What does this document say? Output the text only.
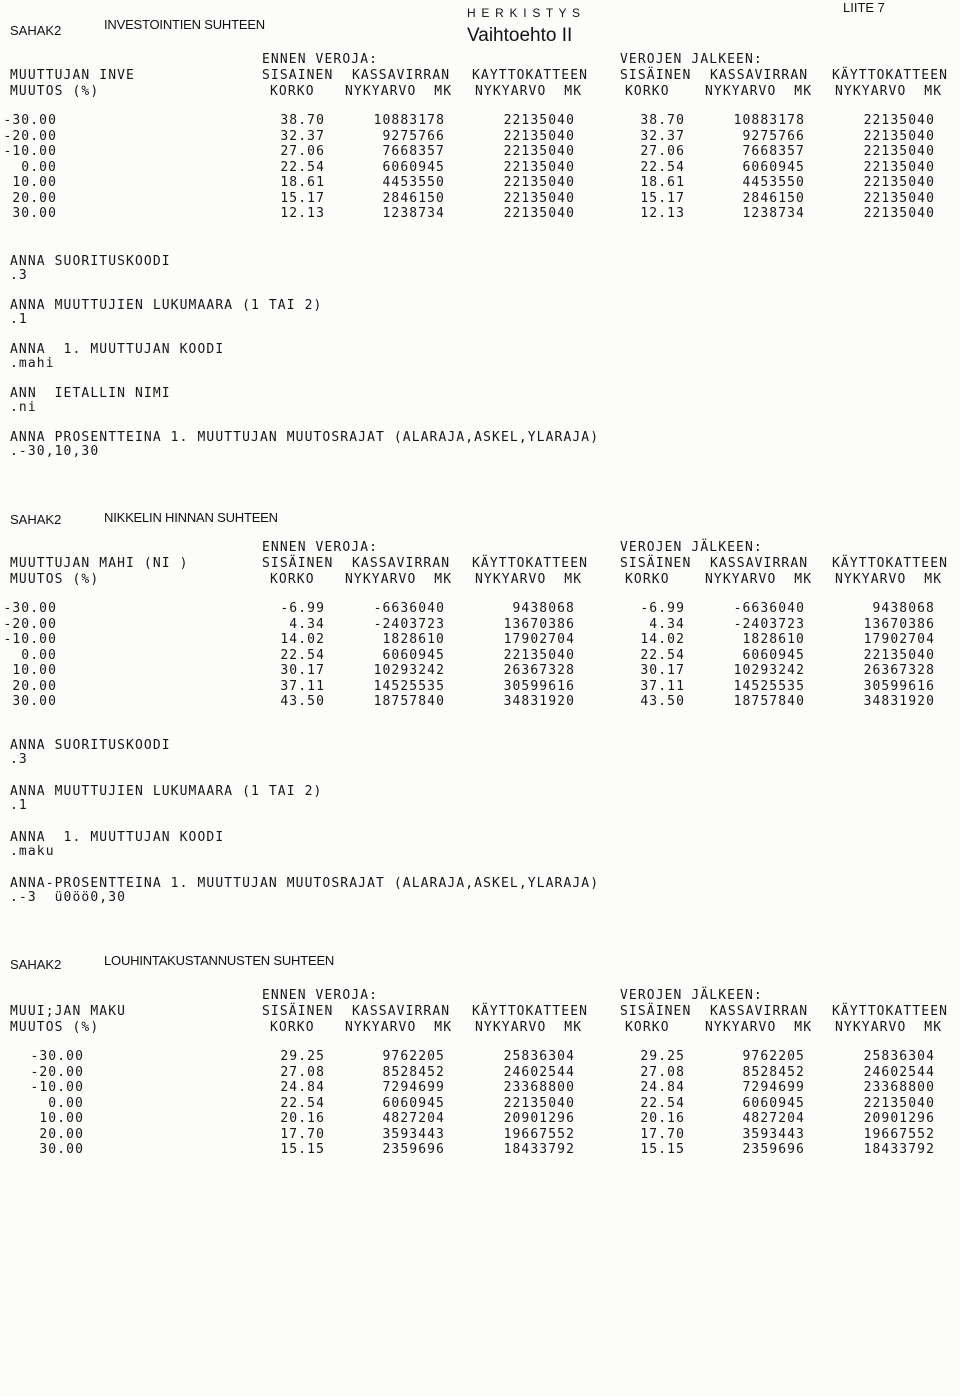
SAHAK2	INVESTOINTIEN SUHTEEN
H E R K I S T Y S
Vaihtoehto II
LIITE 7
ENNEN VEROJA:	VEROJEN JALKEEN:
MUUTTUJAN INVE
MUUTOS (%)
SISAINEN KASSAVIRRAN KAYTTOKATTEEN SISÄINEN KASSAVIRRAN KÄYTTOKATTEEN
KORKO NYKYARVO  MK NYKYARVO  MK	KORKO	NYKYARVO  MK NYKYARVO  MK
-30.00	38.70	10883178	22135040	38.70	10883178	22135040
-20.00	32.37	9275766	22135040	32.37	9275766	22135040
-10.00	27.06	7668357	22135040	27.06	7668357	22135040
0.00	22.54	6060945	22135040	22.54	6060945	22135040
10.00	18.61	4453550	22135040	18.61	4453550	22135040
20.00	15.17	2846150	22135040	15.17	2846150	22135040
30.00	12.13	1238734	22135040	12.13	1238734	22135040
ANNA SUORITUSKOODI
.3
ANNA MUUTTUJIEN LUKUMAARA (1 TAI 2)
.1
ANNA  1. MUUTTUJAN KOODI
.mahi
ANN  IETALLIN NIMI
.ni
ANNA PROSENTTEINA 1. MUUTTUJAN MUUTOSRAJAT (ALARAJA,ASKEL,YLARAJA)
.-30,10,30
SAHAK2	NIKKELIN HINNAN SUHTEEN
ENNEN VEROJA:	VEROJEN JÄLKEEN:
MUUTTUJAN MAHI (NI )
MUUTOS (%)
SISÄINEN KASSAVIRRAN KÄYTTOKATTEEN SISÄINEN KASSAVIRRAN KÄYTTOKATTEEN
KORKO NYKYARVO  MK NYKYARVO  MK	KORKO	NYKYARVO  MK NYKYARVO  MK
-30.00	-6.99	-6636040	9438068	-6.99	-6636040	9438068
-20.00	4.34	-2403723	13670386	4.34	-2403723	13670386
-10.00	14.02	1828610	17902704	14.02	1828610	17902704
0.00	22.54	6060945	22135040	22.54	6060945	22135040
10.00	30.17	10293242	26367328	30.17	10293242	26367328
20.00	37.11	14525535	30599616	37.11	14525535	30599616
30.00	43.50	18757840	34831920	43.50	18757840	34831920
ANNA SUORITUSKOODI
.3
ANNA MUUTTUJIEN LUKUMAARA (1 TAI 2)
.1
ANNA  1. MUUTTUJAN KOODI
.maku
ANNA-PROSENTTEINA 1. MUUTTUJAN MUUTOSRAJAT (ALARAJA,ASKEL,YLARAJA)
.-3  ü0öö0,30
SAHAK2	LOUHINTAKUSTANNUSTEN SUHTEEN
ENNEN VEROJA:	VEROJEN JÄLKEEN:
MUUI;JAN MAKU
MUUTOS (%)
SISÄINEN KASSAVIRRAN KÄYTTOKATTEEN SISÄINEN KASSAVIRRAN KÄYTTOKATTEEN
KORKO NYKYARVO  MK NYKYARVO  MK	KORKO	NYKYARVO  MK NYKYARVO  MK
-30.00	29.25	9762205	25836304	29.25	9762205	25836304
-20.00	27.08	8528452	24602544	27.08	8528452	24602544
-10.00	24.84	7294699	23368800	24.84	7294699	23368800
0.00	22.54	6060945	22135040	22.54	6060945	22135040
10.00	20.16	4827204	20901296	20.16	4827204	20901296
20.00	17.70	3593443	19667552	17.70	3593443	19667552
30.00	15.15	2359696	18433792	15.15	2359696	18433792
